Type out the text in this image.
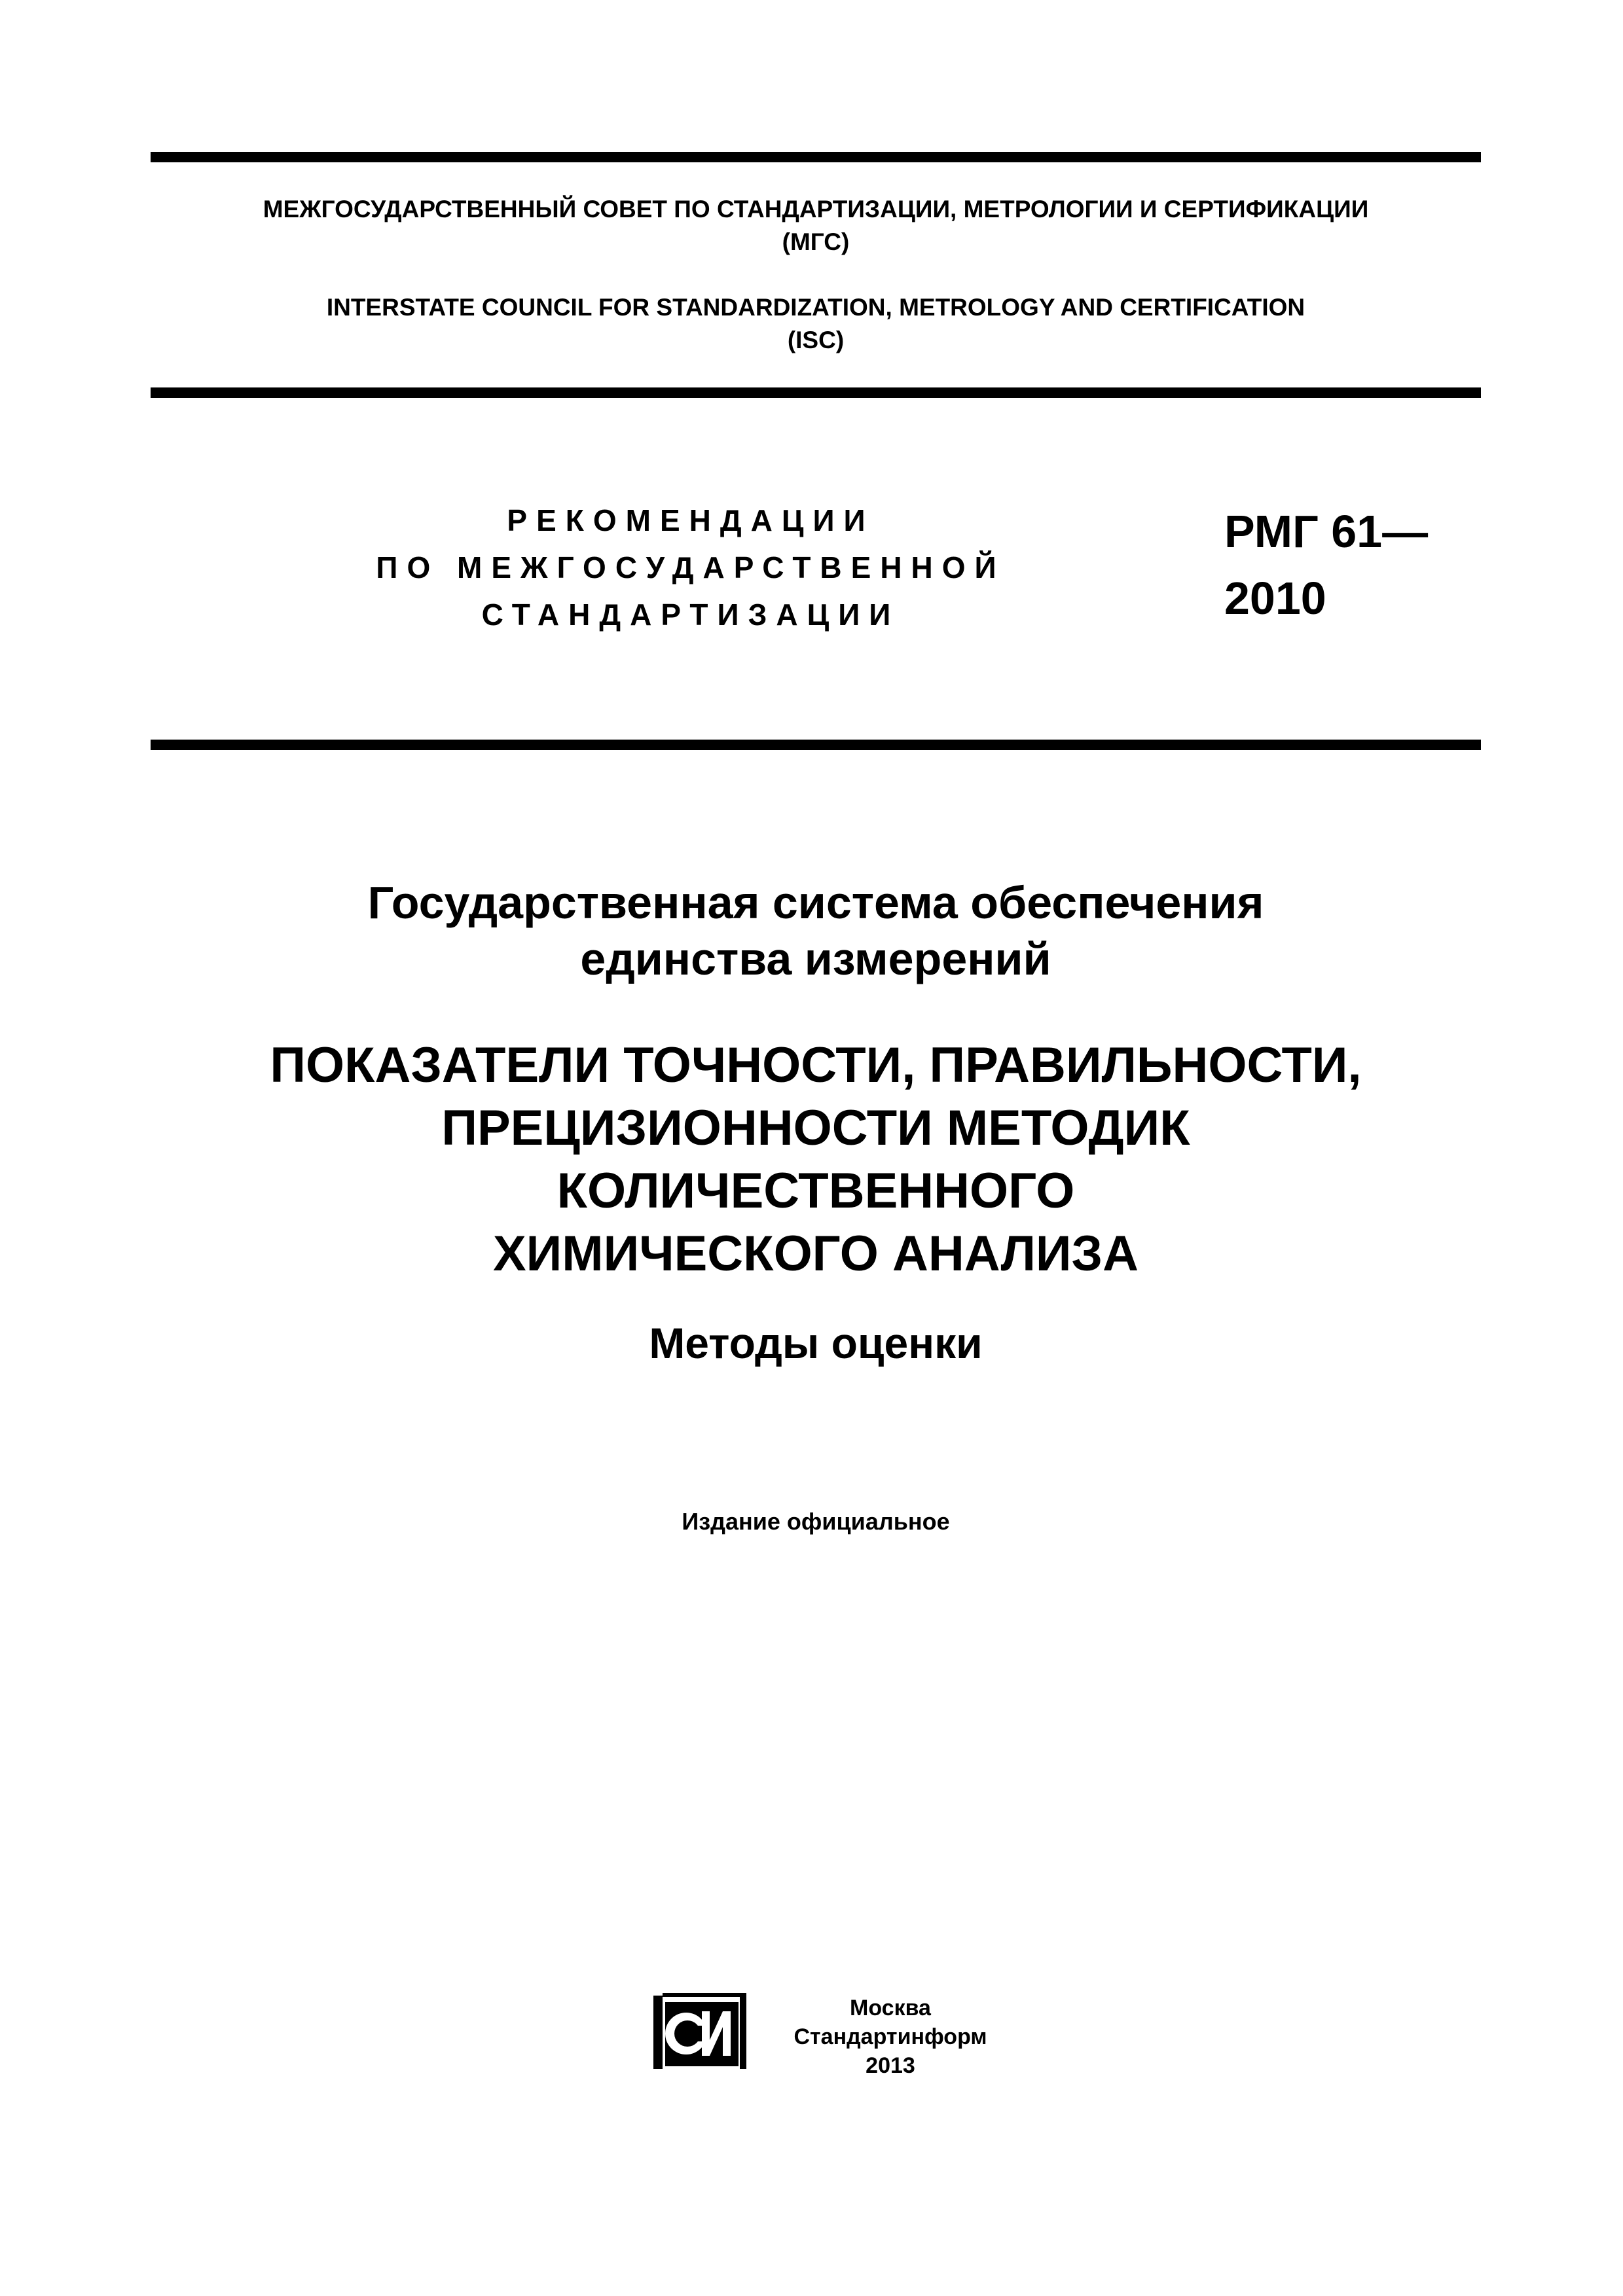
МЕЖГОСУДАРСТВЕННЫЙ СОВЕТ ПО СТАНДАРТИЗАЦИИ, МЕТРОЛОГИИ И СЕРТИФИКАЦИИ
(МГС)
INTERSTATE COUNCIL FOR STANDARDIZATION, METROLOGY AND CERTIFICATION
(ISC)
РЕКОМЕНДАЦИИ
ПО МЕЖГОСУДАРСТВЕННОЙ
СТАНДАРТИЗАЦИИ
РМГ 61—
2010
Государственная система обеспечения
единства измерений
ПОКАЗАТЕЛИ ТОЧНОСТИ, ПРАВИЛЬНОСТИ,
ПРЕЦИЗИОННОСТИ МЕТОДИК
КОЛИЧЕСТВЕННОГО
ХИМИЧЕСКОГО АНАЛИЗА
Методы оценки
Издание официальное
Москва
Стандартинформ
2013
